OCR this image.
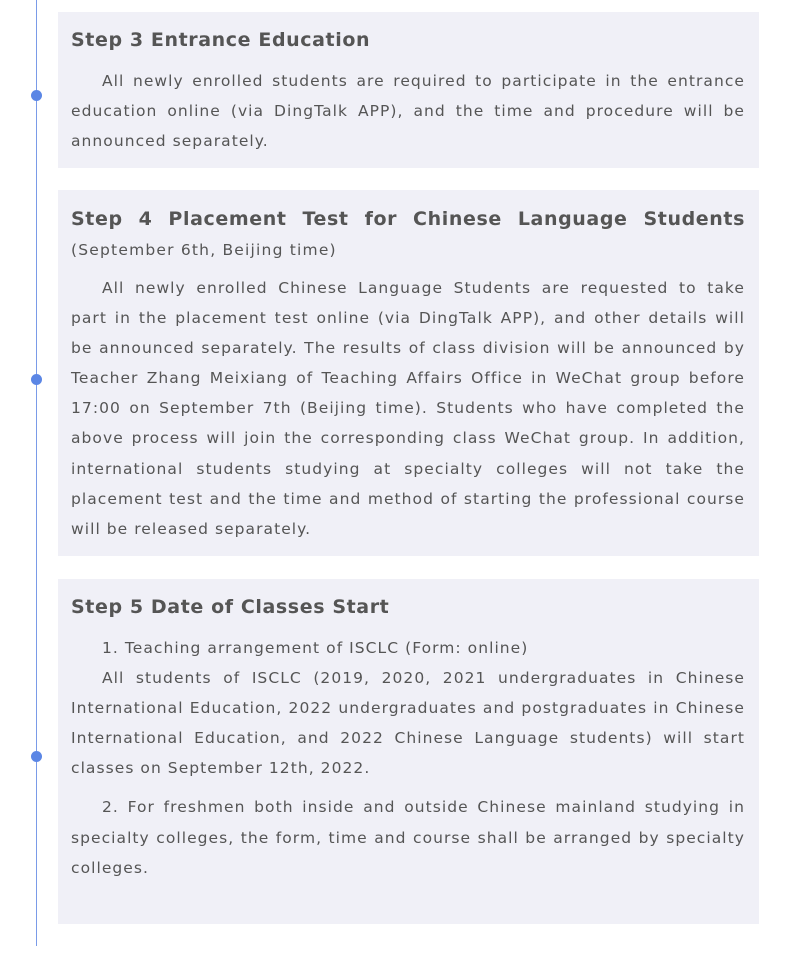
Step 3 Entrance Education

All newly enrolled students are required to participate in the entrance education online (via DingTalk APP), and the time and procedure will be announced separately.

Step 4 Placement Test for Chinese Language Students (September 6th, Beijing time)

All newly enrolled Chinese Language Students are requested to take part in the placement test online (via DingTalk APP), and other details will be announced separately. The results of class division will be announced by Teacher Zhang Meixiang of Teaching Affairs Office in WeChat group before 17:00 on September 7th (Beijing time). Students who have completed the above process will join the corresponding class WeChat group. In addition, international students studying at specialty colleges will not take the placement test and the time and method of starting the professional course will be released separately.

Step 5 Date of Classes Start

1. Teaching arrangement of ISCLC (Form: online)

All students of ISCLC (2019, 2020, 2021 undergraduates in Chinese International Education, 2022 undergraduates and postgraduates in Chinese International Education, and 2022 Chinese Language students) will start classes on September 12th, 2022.

2. For freshmen both inside and outside Chinese mainland studying in specialty colleges, the form, time and course shall be arranged by specialty colleges.
